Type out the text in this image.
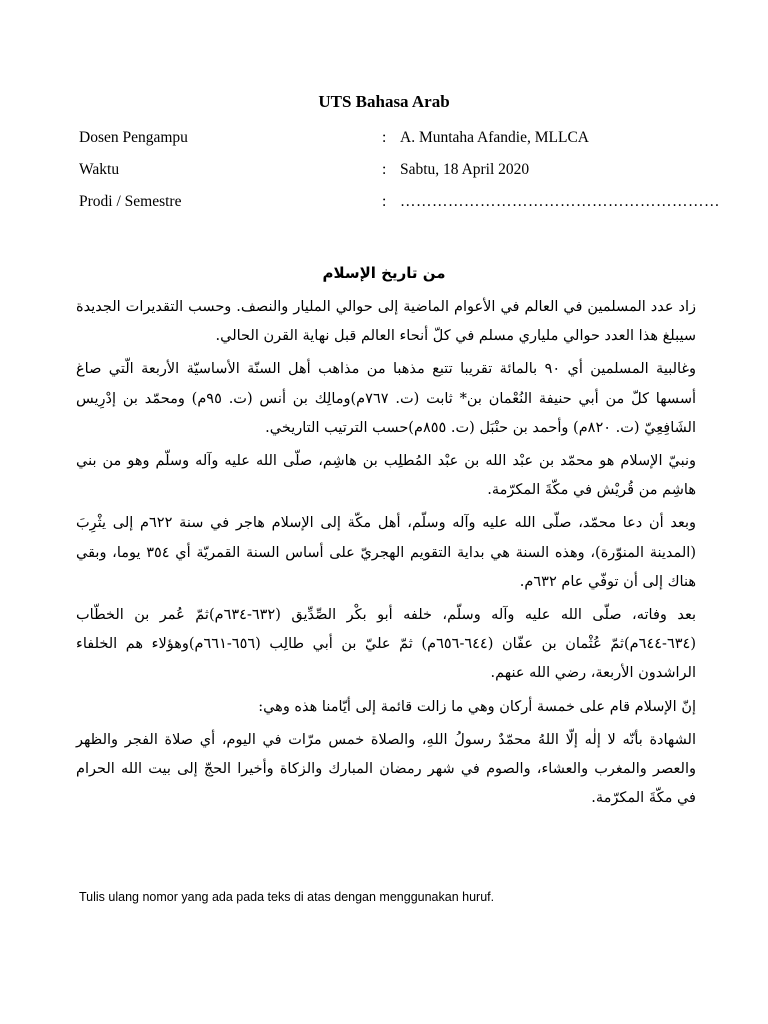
UTS Bahasa Arab
Dosen Pengampu	: A. Muntaha Afandie, MLLCA
Waktu	: Sabtu, 18 April 2020
Prodi / Semestre	: ……………………………………………………
من تاريخ الإسلام

زاد عدد المسلمين في العالم في الأعوام الماضية إلى حوالي المليار والنصف. وحسب التقديرات الجديدة سيبلغ هذا العدد حوالي ملياري مسلم في كلّ أنحاء العالم قبل نهاية القرن الحالي.

وغالبية المسلمين أي ٩٠ بالمائة تقريبا تتبع مذهبا من مذاهب أهل السنّة الأساسيّة الأربعة الّتي صاغ أسسها كلّ من أبي حنيفة النُعْمان بن* ثابت (ت. ٧٦٧م)ومالِك بن أنس (ت. ٩٥م) ومحمّد بن إدْرِيس الشَافِعِيّ (ت. ٨٢٠م) وأحمد بن حنْبَل (ت. ٨٥٥م)حسب الترتيب التاريخي.

ونبيّ الإسلام هو محمّد بن عبْد الله بن عبْد المُطلِب بن هاشِم، صلّى الله عليه وآله وسلّم وهو من بني هاشِم من قُريْش في مكّةَ المكرّمة.

وبعد أن دعا محمّد، صلّى الله عليه وآله وسلّم، أهل مكّة إلى الإسلام هاجر في سنة ٦٢٢م إلى يثْرِبَ (المدينة المنوّرة)، وهذه السنة هي بداية التقويم الهجريّ على أساس السنة القمريّة أي ٣٥٤ يوما، وبقي هناك إلى أن توفّي عام ٦٣٢م.

بعد وفاته، صلّى الله عليه وآله وسلّم، خلفه أبو بكْر الصِّدِّيق (٦٣٢-٦٣٤م)ثمّ عُمر بن الخطّاب (٦٣٤-٦٤٤م)ثمّ عُثْمان بن عفّان (٦٤٤-٦٥٦م) ثمّ عليّ بن أبي طالِب (٦٥٦-٦٦١م)وهؤلاء هم الخلفاء الراشدون الأربعة، رضي الله عنهم.

إنّ الإسلام قام على خمسة أركان وهي ما زالت قائمة إلى أيّامنا هذه وهي:

الشهادة بأنّه لا إلٰه إلّا اللهُ محمّدٌ رسولُ اللهِ، والصلاة خمس مرّات في اليوم، أي صلاة الفجر والظهر والعصر والمغرب والعشاء، والصوم في شهر رمضان المبارك والزكاة وأخيرا الحجّ إلى بيت الله الحرام في مكّةَ المكرّمة.

Tulis ulang nomor yang ada pada teks di atas dengan menggunakan huruf.
